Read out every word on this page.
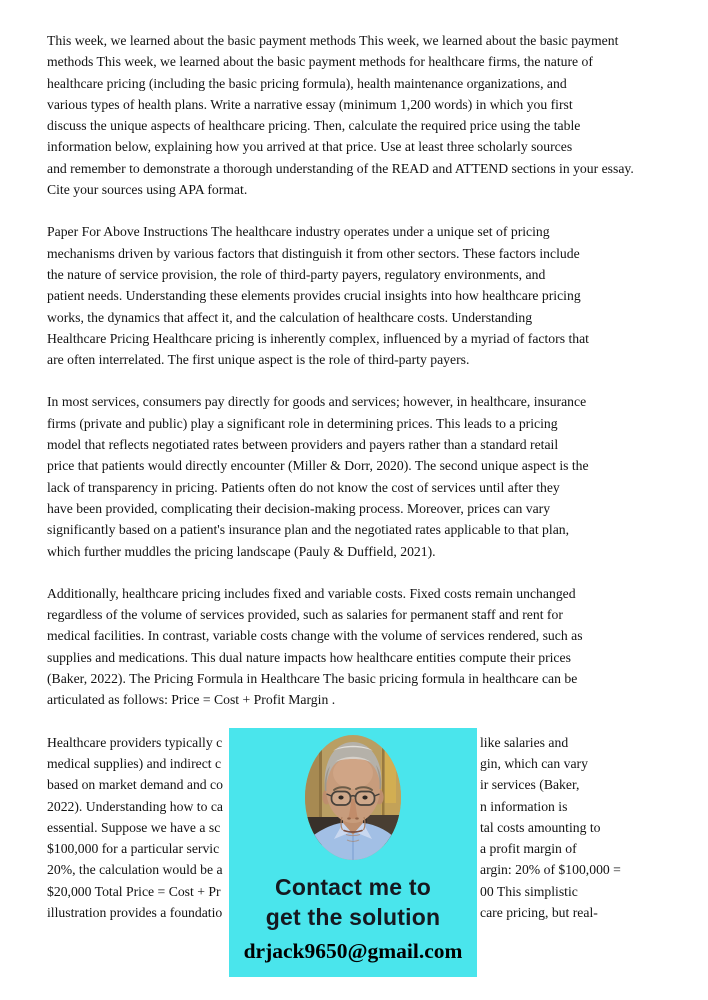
This week, we learned about the basic payment methods This week, we learned about the basic payment
methods This week, we learned about the basic payment methods for healthcare firms, the nature of
healthcare pricing (including the basic pricing formula), health maintenance organizations, and
various types of health plans. Write a narrative essay (minimum 1,200 words) in which you first
discuss the unique aspects of healthcare pricing. Then, calculate the required price using the table
information below, explaining how you arrived at that price. Use at least three scholarly sources
and remember to demonstrate a thorough understanding of the READ and ATTEND sections in your essay.
Cite your sources using APA format.
Paper For Above Instructions The healthcare industry operates under a unique set of pricing
mechanisms driven by various factors that distinguish it from other sectors. These factors include
the nature of service provision, the role of third-party payers, regulatory environments, and
patient needs. Understanding these elements provides crucial insights into how healthcare pricing
works, the dynamics that affect it, and the calculation of healthcare costs. Understanding
Healthcare Pricing Healthcare pricing is inherently complex, influenced by a myriad of factors that
are often interrelated. The first unique aspect is the role of third-party payers.
In most services, consumers pay directly for goods and services; however, in healthcare, insurance
firms (private and public) play a significant role in determining prices. This leads to a pricing
model that reflects negotiated rates between providers and payers rather than a standard retail
price that patients would directly encounter (Miller & Dorr, 2020). The second unique aspect is the
lack of transparency in pricing. Patients often do not know the cost of services until after they
have been provided, complicating their decision-making process. Moreover, prices can vary
significantly based on a patient's insurance plan and the negotiated rates applicable to that plan,
which further muddles the pricing landscape (Pauly & Duffield, 2021).
Additionally, healthcare pricing includes fixed and variable costs. Fixed costs remain unchanged
regardless of the volume of services provided, such as salaries for permanent staff and rent for
medical facilities. In contrast, variable costs change with the volume of services rendered, such as
supplies and medications. This dual nature impacts how healthcare entities compute their prices
(Baker, 2022). The Pricing Formula in Healthcare The basic pricing formula in healthcare can be
articulated as follows: Price = Cost + Profit Margin .
Healthcare providers typically c	like salaries and
medical supplies) and indirect c	gin, which can vary
based on market demand and co	ir services (Baker,
2022). Understanding how to ca	n information is
essential. Suppose we have a sc	tal costs amounting to
$100,000 for a particular servic	a profit margin of
20%, the calculation would be a	argin: 20% of $100,000 =
$20,000 Total Price = Cost + Pr	00 This simplistic
illustration provides a foundatio	care pricing, but real-
Contact me to
get the solution
drjack9650@gmail.com
